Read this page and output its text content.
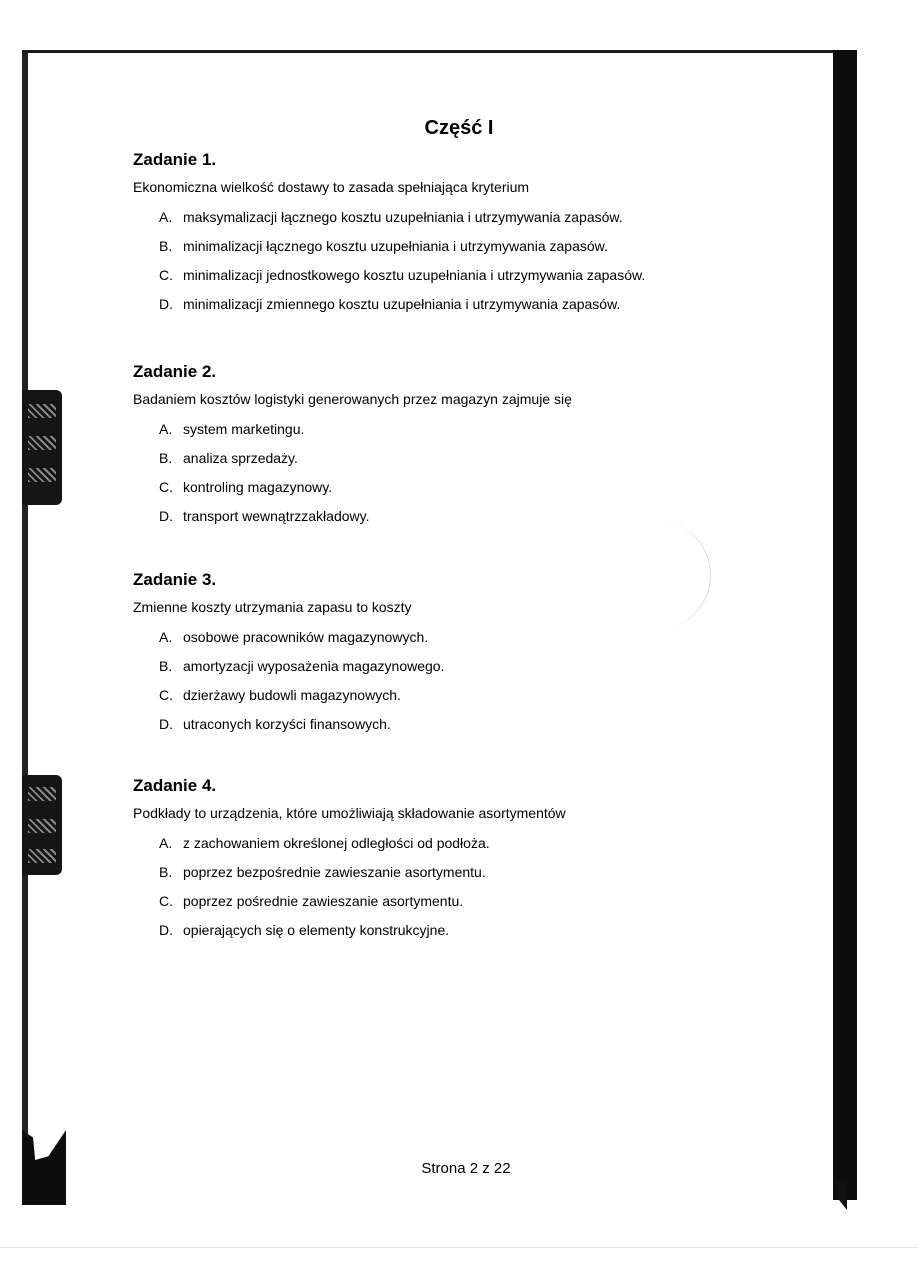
Część I
Zadanie 1.
Ekonomiczna wielkość dostawy to zasada spełniająca kryterium
A. maksymalizacji łącznego kosztu uzupełniania i utrzymywania zapasów.
B. minimalizacji łącznego kosztu uzupełniania i utrzymywania zapasów.
C. minimalizacji jednostkowego kosztu uzupełniania i utrzymywania zapasów.
D. minimalizacji zmiennego kosztu uzupełniania i utrzymywania zapasów.
Zadanie 2.
Badaniem kosztów logistyki generowanych przez magazyn zajmuje się
A. system marketingu.
B. analiza sprzedaży.
C. kontroling magazynowy.
D. transport wewnątrzzakładowy.
Zadanie 3.
Zmienne koszty utrzymania zapasu to koszty
A. osobowe pracowników magazynowych.
B. amortyzacji wyposażenia magazynowego.
C. dzierżawy budowli magazynowych.
D. utraconych korzyści finansowych.
Zadanie 4.
Podkłady to urządzenia, które umożliwiają składowanie asortymentów
A. z zachowaniem określonej odległości od podłoża.
B. poprzez bezpośrednie zawieszanie asortymentu.
C. poprzez pośrednie zawieszanie asortymentu.
D. opierających się o elementy konstrukcyjne.
Strona 2 z 22
